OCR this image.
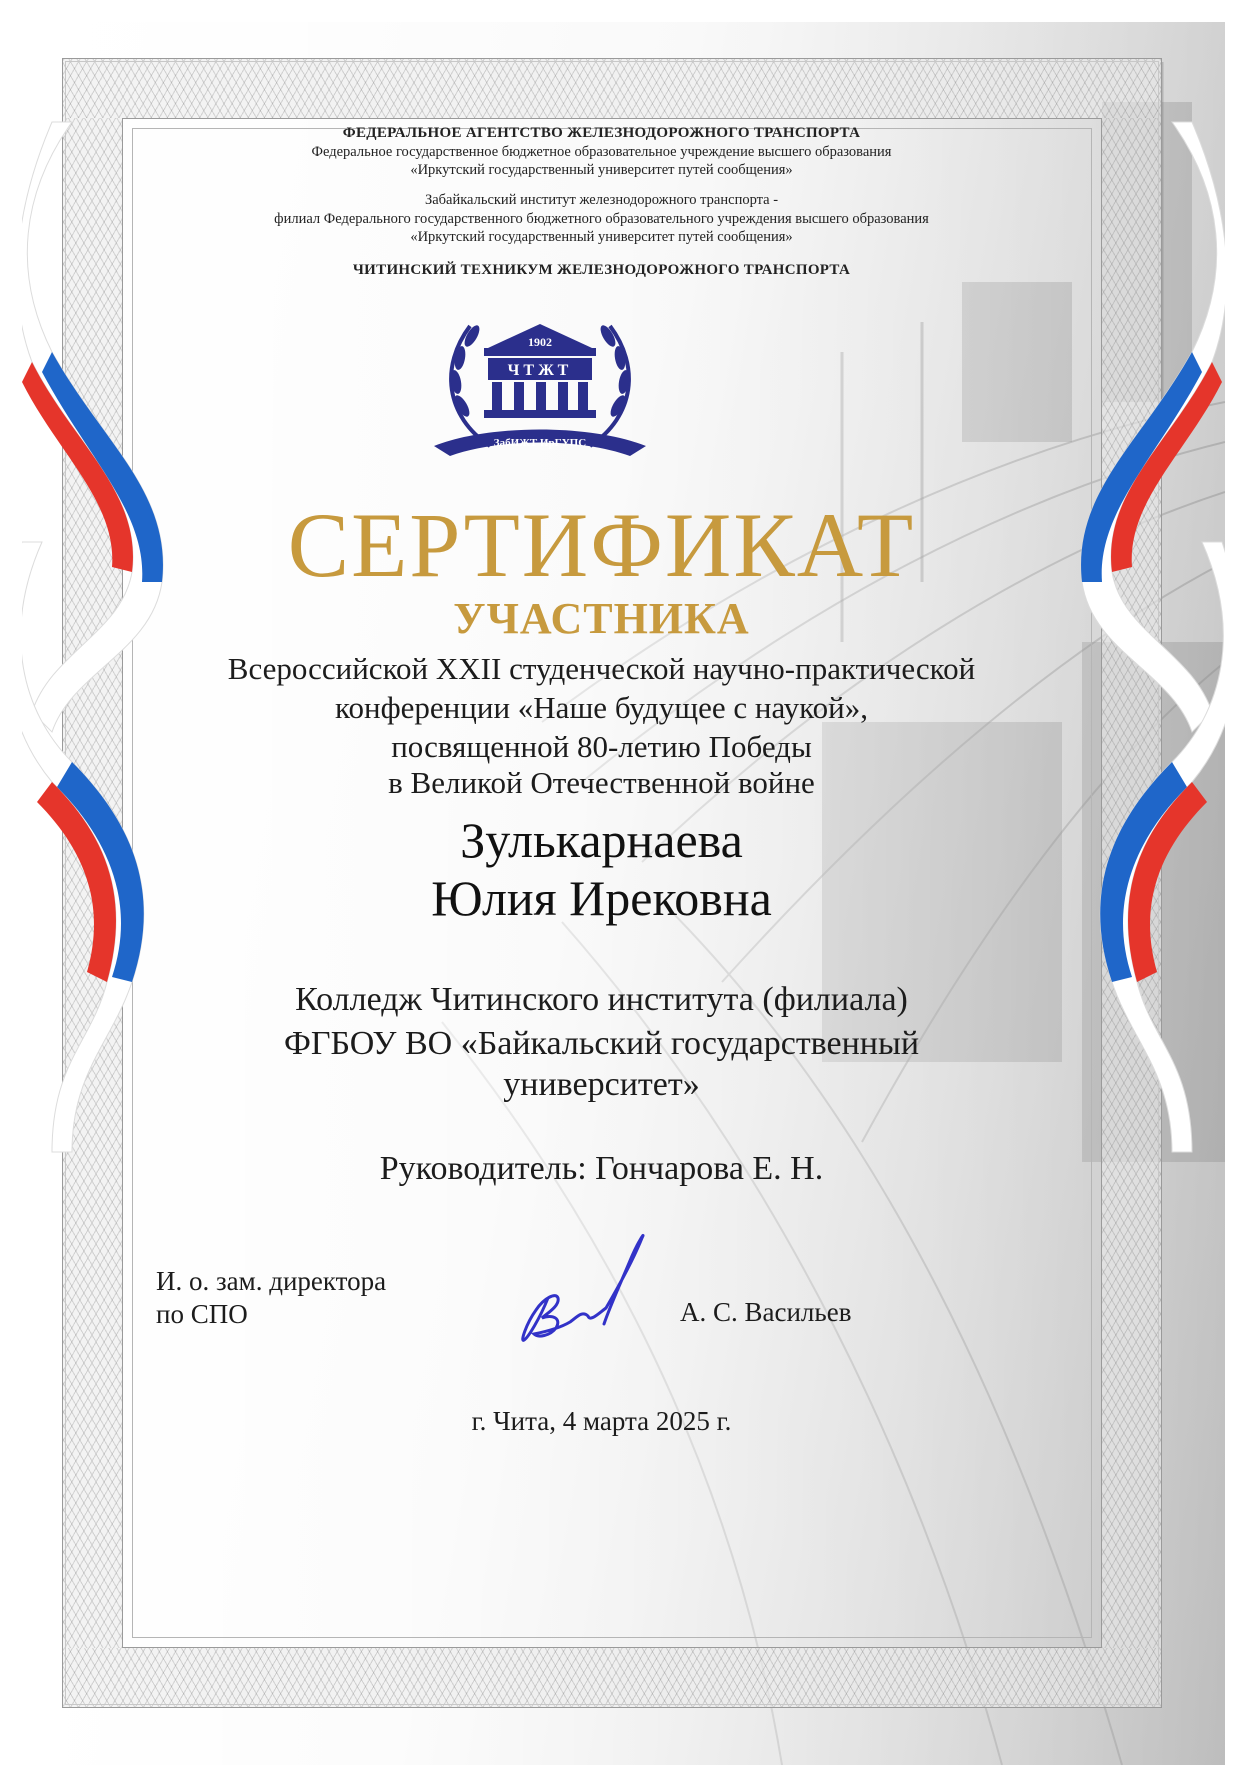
ФЕДЕРАЛЬНОЕ АГЕНТСТВО ЖЕЛЕЗНОДОРОЖНОГО ТРАНСПОРТА
Федеральное государственное бюджетное образовательное учреждение высшего образования
«Иркутский государственный университет путей сообщения»
Забайкальский институт железнодорожного транспорта -
филиал Федерального государственного бюджетного образовательного учреждения высшего образования
«Иркутский государственный университет путей сообщения»
ЧИТИНСКИЙ ТЕХНИКУМ ЖЕЛЕЗНОДОРОЖНОГО ТРАНСПОРТА
1902
ЧТЖТ
ЗабИЖТ ИрГУПС
СЕРТИФИКАТ
УЧАСТНИКА
Всероссийской XXII студенческой научно-практической
конференции «Наше будущее с наукой»,
посвященной 80-летию Победы
в Великой Отечественной войне
Зулькарнаева
Юлия Ирековна
Колледж Читинского института (филиала)
ФГБОУ ВО «Байкальский государственный
университет»
Руководитель: Гончарова Е. Н.
И. о. зам. директора
по СПО	А. С. Васильев
г. Чита, 4 марта 2025 г.
